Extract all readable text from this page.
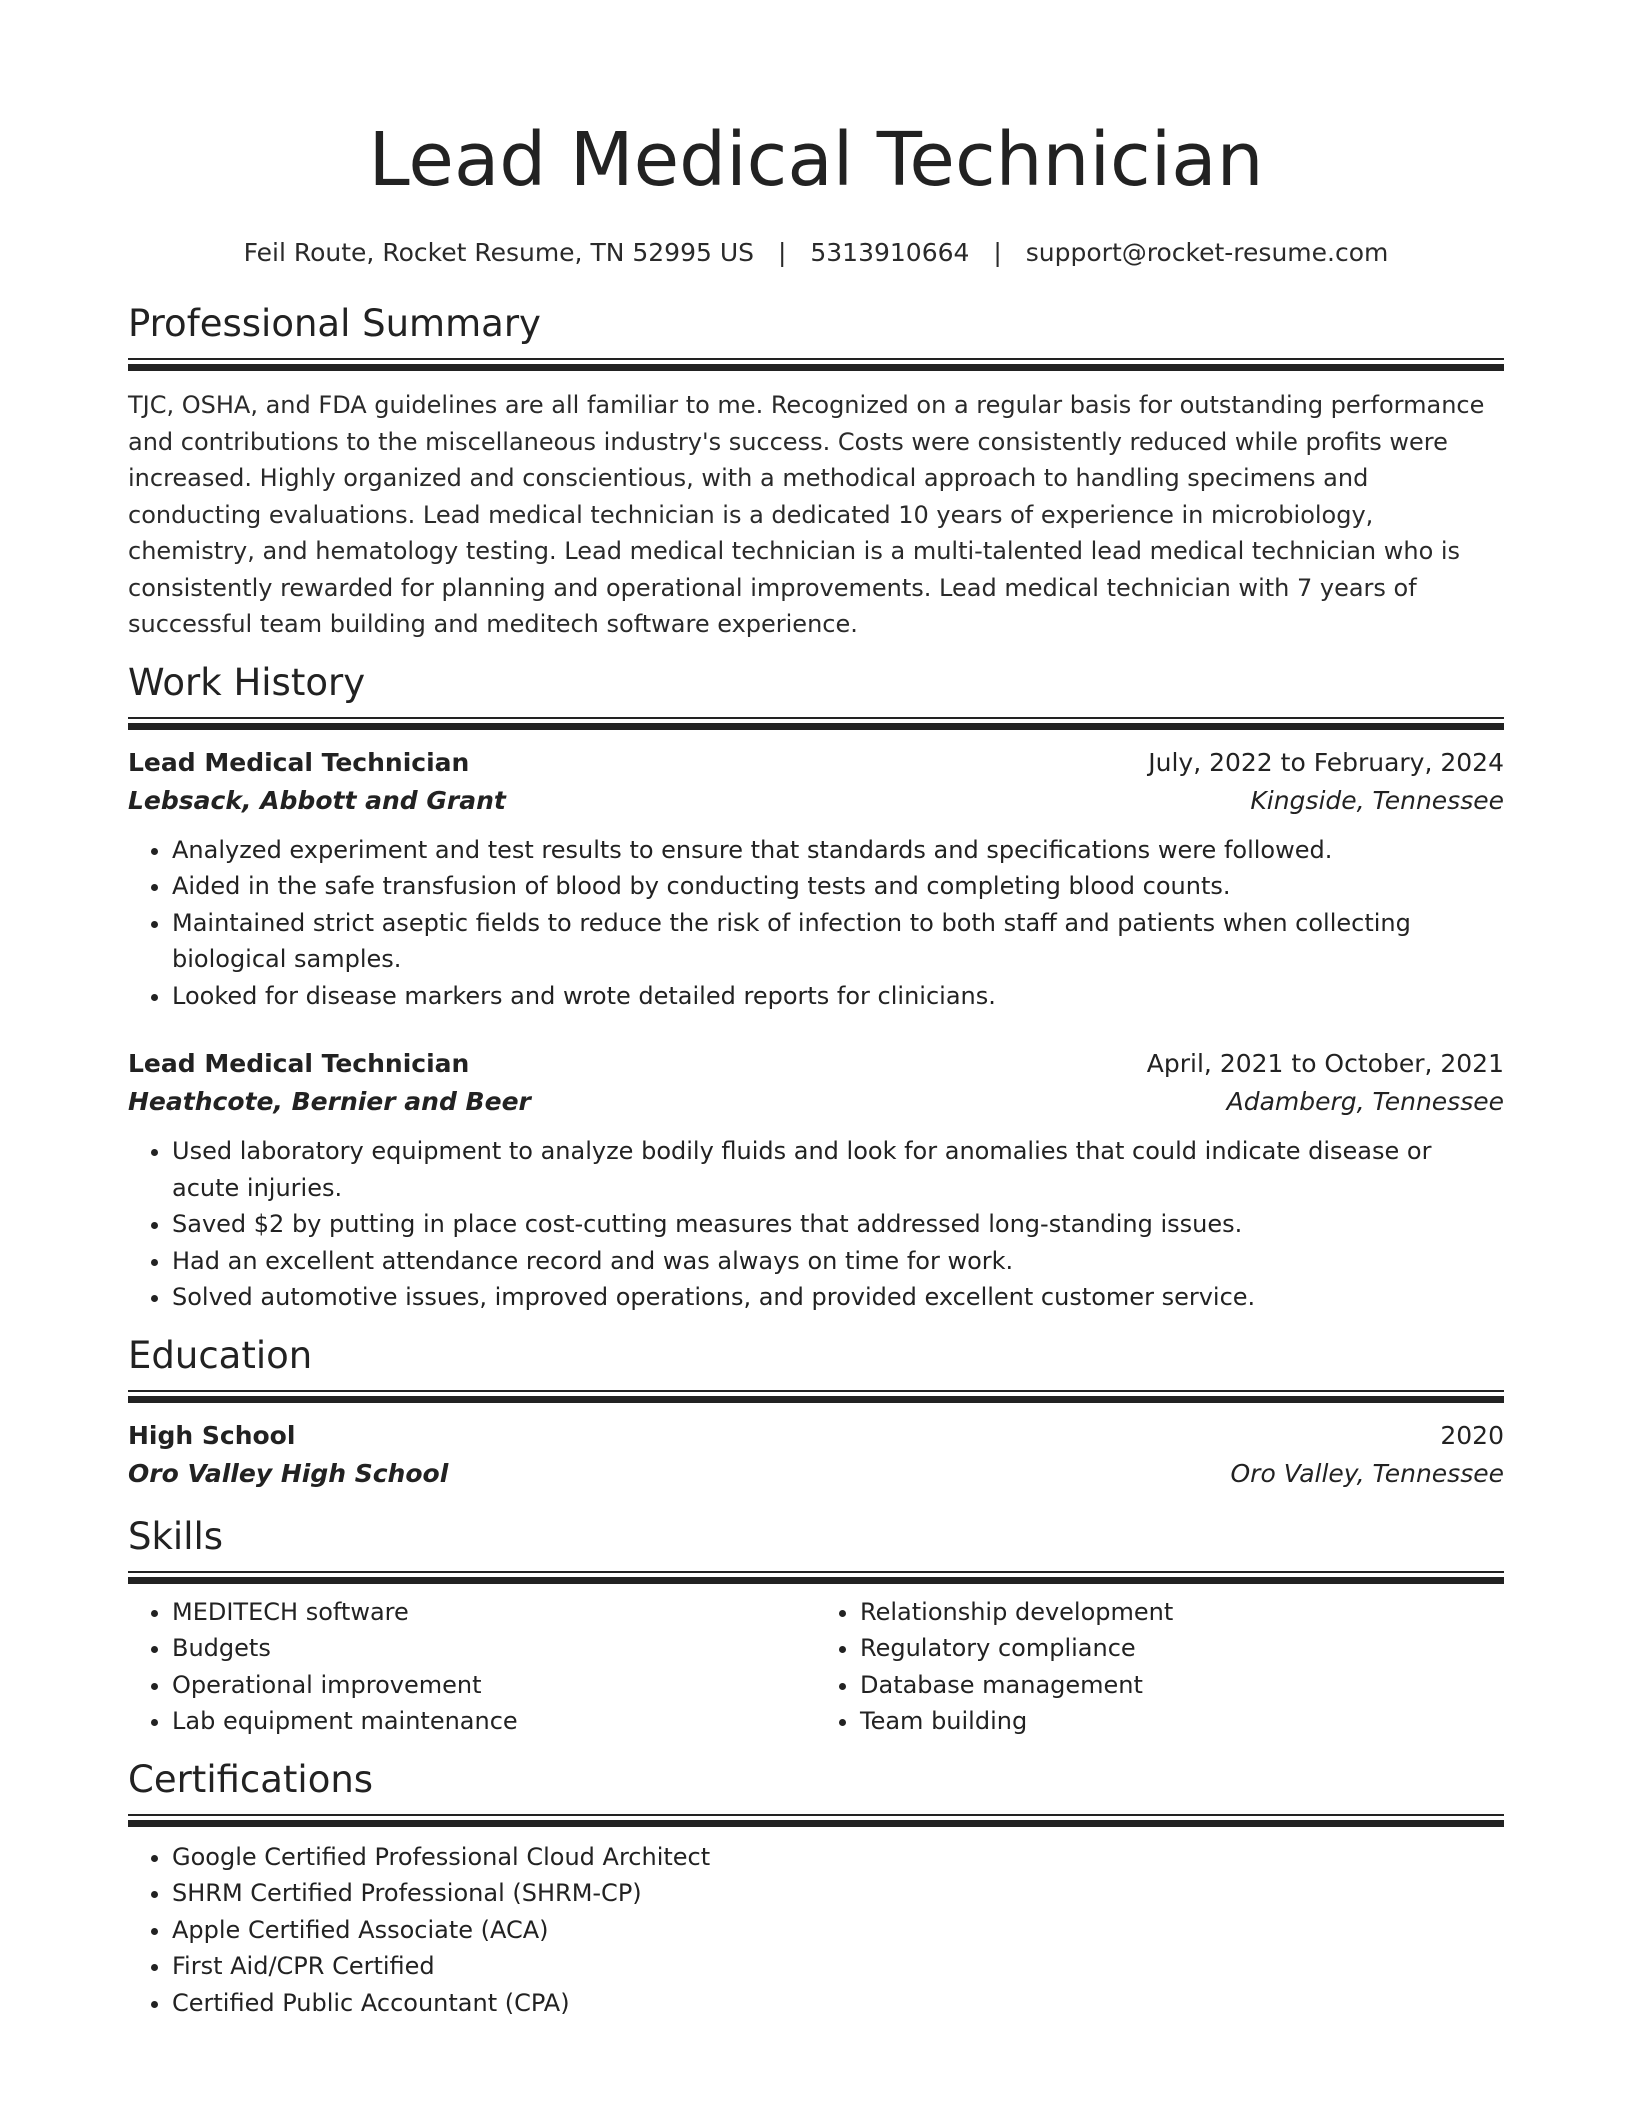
Lead Medical Technician
Feil Route, Rocket Resume, TN 52995 US | 5313910664 | support@rocket-resume.com
Professional Summary
TJC, OSHA, and FDA guidelines are all familiar to me. Recognized on a regular basis for outstanding performance and contributions to the miscellaneous industry's success. Costs were consistently reduced while profits were increased. Highly organized and conscientious, with a methodical approach to handling specimens and conducting evaluations. Lead medical technician is a dedicated 10 years of experience in microbiology, chemistry, and hematology testing. Lead medical technician is a multi-talented lead medical technician who is consistently rewarded for planning and operational improvements. Lead medical technician with 7 years of successful team building and meditech software experience.
Work History
Lead Medical Technician	July, 2022 to February, 2024
Lebsack, Abbott and Grant	Kingside, Tennessee
• Analyzed experiment and test results to ensure that standards and specifications were followed.
• Aided in the safe transfusion of blood by conducting tests and completing blood counts.
• Maintained strict aseptic fields to reduce the risk of infection to both staff and patients when collecting biological samples.
• Looked for disease markers and wrote detailed reports for clinicians.
Lead Medical Technician	April, 2021 to October, 2021
Heathcote, Bernier and Beer	Adamberg, Tennessee
• Used laboratory equipment to analyze bodily fluids and look for anomalies that could indicate disease or acute injuries.
• Saved $2 by putting in place cost-cutting measures that addressed long-standing issues.
• Had an excellent attendance record and was always on time for work.
• Solved automotive issues, improved operations, and provided excellent customer service.
Education
High School	2020
Oro Valley High School	Oro Valley, Tennessee
Skills
• MEDITECH software
• Budgets
• Operational improvement
• Lab equipment maintenance
• Relationship development
• Regulatory compliance
• Database management
• Team building
Certifications
• Google Certified Professional Cloud Architect
• SHRM Certified Professional (SHRM-CP)
• Apple Certified Associate (ACA)
• First Aid/CPR Certified
• Certified Public Accountant (CPA)
